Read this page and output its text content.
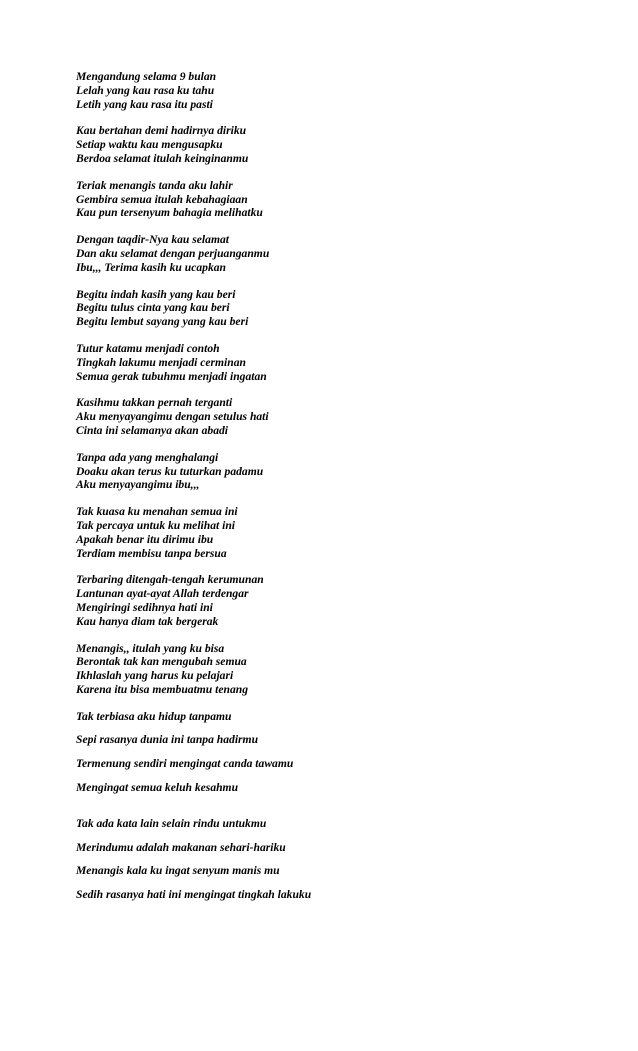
Mengandung selama 9 bulan
Lelah yang kau rasa ku tahu
Letih yang kau rasa itu pasti
Kau bertahan demi hadirnya diriku
Setiap waktu kau mengusapku
Berdoa selamat itulah keinginanmu
Teriak menangis tanda aku lahir
Gembira semua itulah kebahagiaan
Kau pun tersenyum bahagia melihatku
Dengan taqdir-Nya kau selamat
Dan aku selamat dengan perjuanganmu
Ibu,,, Terima kasih ku ucapkan
Begitu indah kasih yang kau beri
Begitu tulus cinta yang kau beri
Begitu lembut sayang yang kau beri
Tutur katamu menjadi contoh
Tingkah lakumu menjadi cerminan
Semua gerak tubuhmu menjadi ingatan
Kasihmu takkan pernah terganti
Aku menyayangimu dengan setulus hati
Cinta ini selamanya akan abadi
Tanpa ada yang menghalangi
Doaku akan terus ku tuturkan padamu
Aku menyayangimu ibu,,,
Tak kuasa ku menahan semua ini
Tak percaya untuk ku melihat ini
Apakah benar itu dirimu ibu
Terdiam membisu tanpa bersua
Terbaring ditengah-tengah kerumunan
Lantunan ayat-ayat Allah terdengar
Mengiringi sedihnya hati ini
Kau hanya diam tak bergerak
Menangis,, itulah yang ku bisa
Berontak tak kan mengubah semua
Ikhlaslah yang harus ku pelajari
Karena itu bisa membuatmu tenang
Tak terbiasa aku hidup tanpamu
Sepi rasanya dunia ini tanpa hadirmu
Termenung sendiri mengingat canda tawamu
Mengingat semua keluh kesahmu
Tak ada kata lain selain rindu untukmu
Merindumu adalah makanan sehari-hariku
Menangis kala ku ingat senyum manis mu
Sedih rasanya hati ini mengingat tingkah lakuku
